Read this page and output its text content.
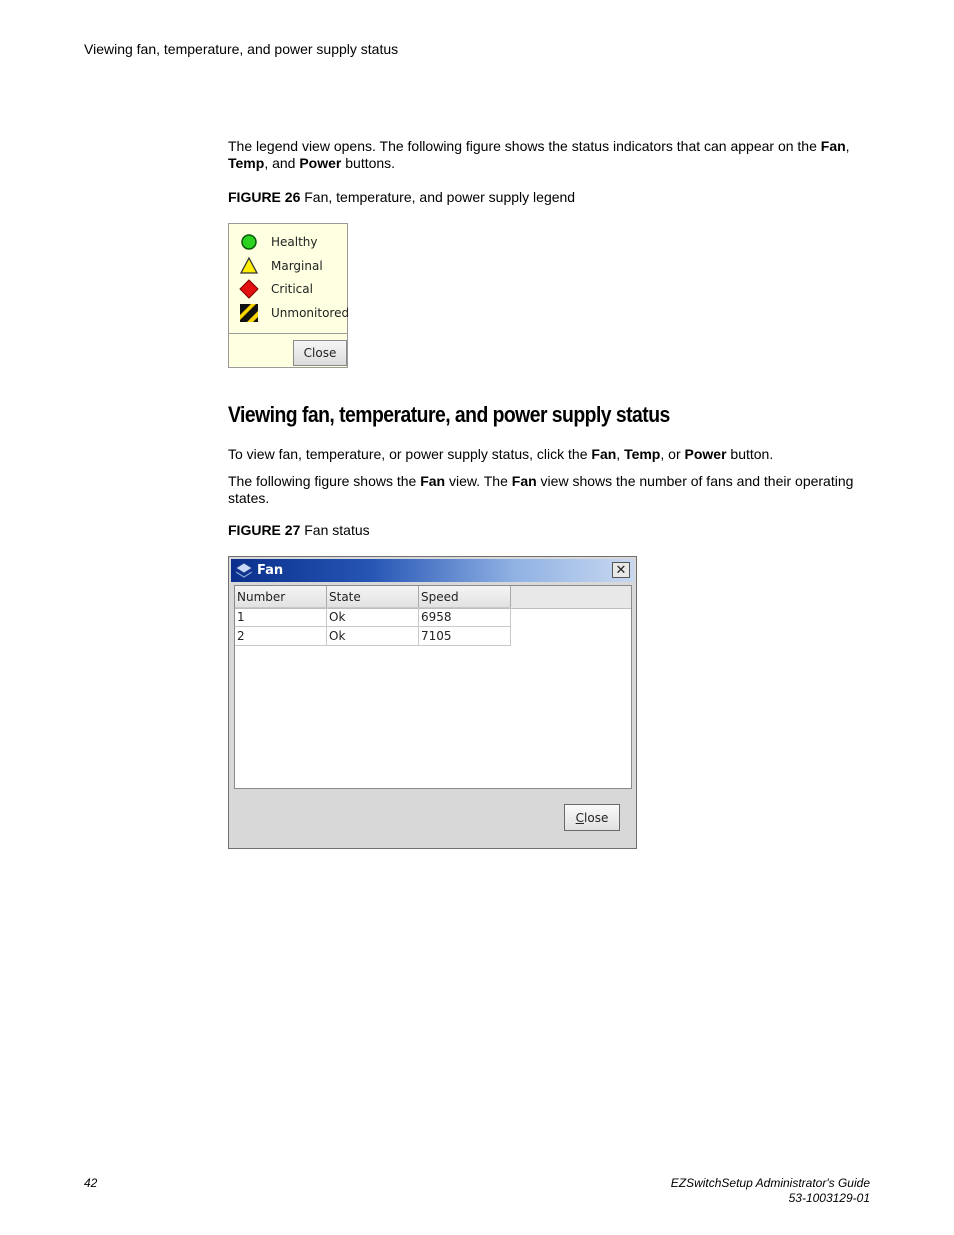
Viewing fan, temperature, and power supply status

The legend view opens. The following figure shows the status indicators that can appear on the Fan, Temp, and Power buttons.

FIGURE 26 Fan, temperature, and power supply legend
Healthy
Marginal
Critical
Unmonitored
Close
Viewing fan, temperature, and power supply status

To view fan, temperature, or power supply status, click the Fan, Temp, or Power button.

The following figure shows the Fan view. The Fan view shows the number of fans and their operating states.

FIGURE 27 Fan status
Fan	✕
Number	State	Speed
1	Ok	6958
2	Ok	7105
C lose
42	EZSwitchSetup Administrator's Guide
53-1003129-01
